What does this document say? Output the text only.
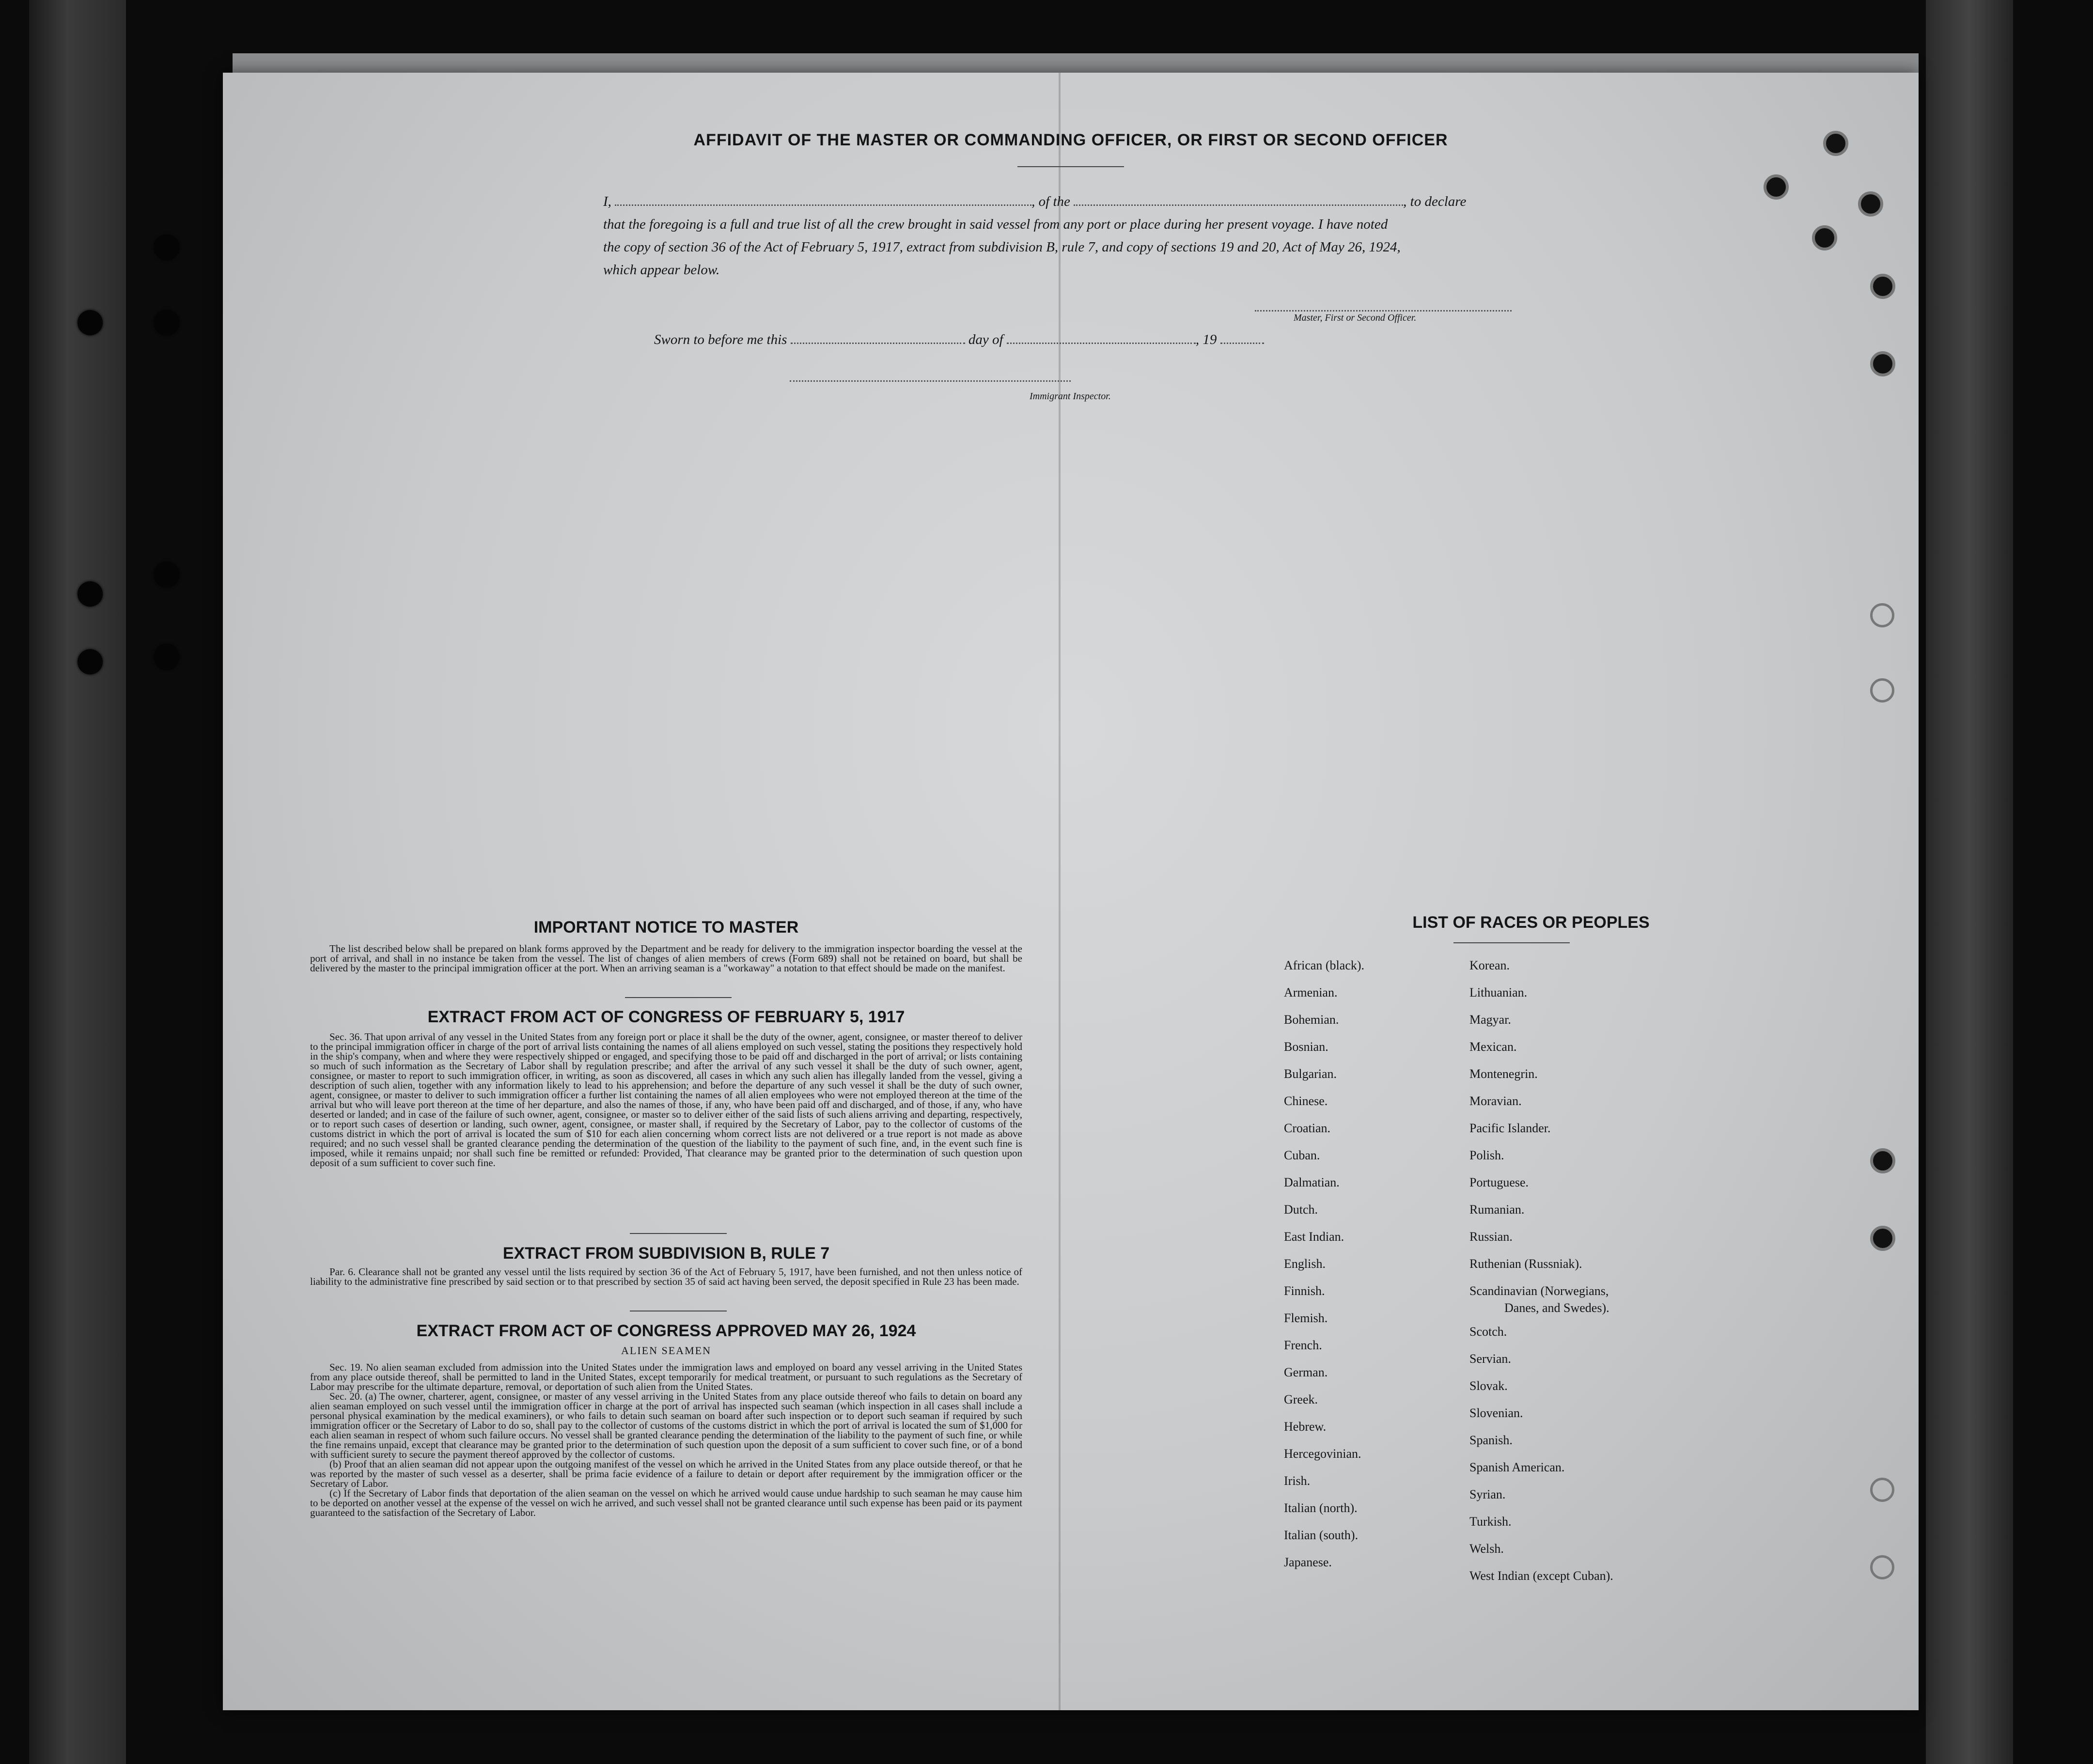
AFFIDAVIT OF THE MASTER OR COMMANDING OFFICER, OR FIRST OR SECOND OFFICER
I,	, of the	, to declare
that the foregoing is a full and true list of all the crew brought in said vessel from any port or place during her present voyage. I have noted
the copy of section 36 of the Act of February 5, 1917, extract from subdivision B, rule 7, and copy of sections 19 and 20, Act of May 26, 1924,
which appear below.
Master, First or Second Officer.
Sworn to before me this	day of	, 19
Immigrant Inspector.
IMPORTANT NOTICE TO MASTER

The list described below shall be prepared on blank forms approved by the Department and be ready for delivery to the immigration inspector boarding the vessel at the port of arrival, and shall in no instance be taken from the vessel. The list of changes of alien members of crews (Form 689) shall not be retained on board, but shall be delivered by the master to the principal immigration officer at the port. When an arriving seaman is a "workaway" a notation to that effect should be made on the manifest.

EXTRACT FROM ACT OF CONGRESS OF FEBRUARY 5, 1917

Sec. 36. That upon arrival of any vessel in the United States from any foreign port or place it shall be the duty of the owner, agent, consignee, or master thereof to deliver to the principal immigration officer in charge of the port of arrival lists containing the names of all aliens employed on such vessel, stating the positions they respectively hold in the ship's company, when and where they were respectively shipped or engaged, and specifying those to be paid off and discharged in the port of arrival; or lists containing so much of such information as the Secretary of Labor shall by regulation prescribe; and after the arrival of any such vessel it shall be the duty of such owner, agent, consignee, or master to report to such immigration officer, in writing, as soon as discovered, all cases in which any such alien has illegally landed from the vessel, giving a description of such alien, together with any information likely to lead to his apprehension; and before the departure of any such vessel it shall be the duty of such owner, agent, consignee, or master to deliver to such immigration officer a further list containing the names of all alien employees who were not employed thereon at the time of the arrival but who will leave port thereon at the time of her departure, and also the names of those, if any, who have been paid off and discharged, and of those, if any, who have deserted or landed; and in case of the failure of such owner, agent, consignee, or master so to deliver either of the said lists of such aliens arriving and departing, respectively, or to report such cases of desertion or landing, such owner, agent, consignee, or master shall, if required by the Secretary of Labor, pay to the collector of customs of the customs district in which the port of arrival is located the sum of $10 for each alien concerning whom correct lists are not delivered or a true report is not made as above required; and no such vessel shall be granted clearance pending the determination of the question of the liability to the payment of such fine, and, in the event such fine is imposed, while it remains unpaid; nor shall such fine be remitted or refunded: Provided, That clearance may be granted prior to the determination of such question upon deposit of a sum sufficient to cover such fine.

EXTRACT FROM SUBDIVISION B, RULE 7

Par. 6. Clearance shall not be granted any vessel until the lists required by section 36 of the Act of February 5, 1917, have been furnished, and not then unless notice of liability to the administrative fine prescribed by said section or to that prescribed by section 35 of said act having been served, the deposit specified in Rule 23 has been made.

EXTRACT FROM ACT OF CONGRESS APPROVED MAY 26, 1924
ALIEN SEAMEN

Sec. 19. No alien seaman excluded from admission into the United States under the immigration laws and employed on board any vessel arriving in the United States from any place outside thereof, shall be permitted to land in the United States, except temporarily for medical treatment, or pursuant to such regulations as the Secretary of Labor may prescribe for the ultimate departure, removal, or deportation of such alien from the United States.

Sec. 20. (a) The owner, charterer, agent, consignee, or master of any vessel arriving in the United States from any place outside thereof who fails to detain on board any alien seaman employed on such vessel until the immigration officer in charge at the port of arrival has inspected such seaman (which inspection in all cases shall include a personal physical examination by the medical examiners), or who fails to detain such seaman on board after such inspection or to deport such seaman if required by such immigration officer or the Secretary of Labor to do so, shall pay to the collector of customs of the customs district in which the port of arrival is located the sum of $1,000 for each alien seaman in respect of whom such failure occurs. No vessel shall be granted clearance pending the determination of the liability to the payment of such fine, or while the fine remains unpaid, except that clearance may be granted prior to the determination of such question upon the deposit of a sum sufficient to cover such fine, or of a bond with sufficient surety to secure the payment thereof approved by the collector of customs.

(b) Proof that an alien seaman did not appear upon the outgoing manifest of the vessel on which he arrived in the United States from any place outside thereof, or that he was reported by the master of such vessel as a deserter, shall be prima facie evidence of a failure to detain or deport after requirement by the immigration officer or the Secretary of Labor.

(c) If the Secretary of Labor finds that deportation of the alien seaman on the vessel on which he arrived would cause undue hardship to such seaman he may cause him to be deported on another vessel at the expense of the vessel on wich he arrived, and such vessel shall not be granted clearance until such expense has been paid or its payment guaranteed to the satisfaction of the Secretary of Labor.

LIST OF RACES OR PEOPLES
African (black).
Armenian.
Bohemian.
Bosnian.
Bulgarian.
Chinese.
Croatian.
Cuban.
Dalmatian.
Dutch.
East Indian.
English.
Finnish.
Flemish.
French.
German.
Greek.
Hebrew.
Hercegovinian.
Irish.
Italian (north).
Italian (south).
Japanese.
Korean.
Lithuanian.
Magyar.
Mexican.
Montenegrin.
Moravian.
Pacific Islander.
Polish.
Portuguese.
Rumanian.
Russian.
Ruthenian (Russniak).
Scandinavian (Norwegians,
Scotch.
Servian.
Slovak.
Slovenian.
Spanish.
Spanish American.
Syrian.
Turkish.
Welsh.
West Indian (except Cuban).
Danes, and Swedes).
